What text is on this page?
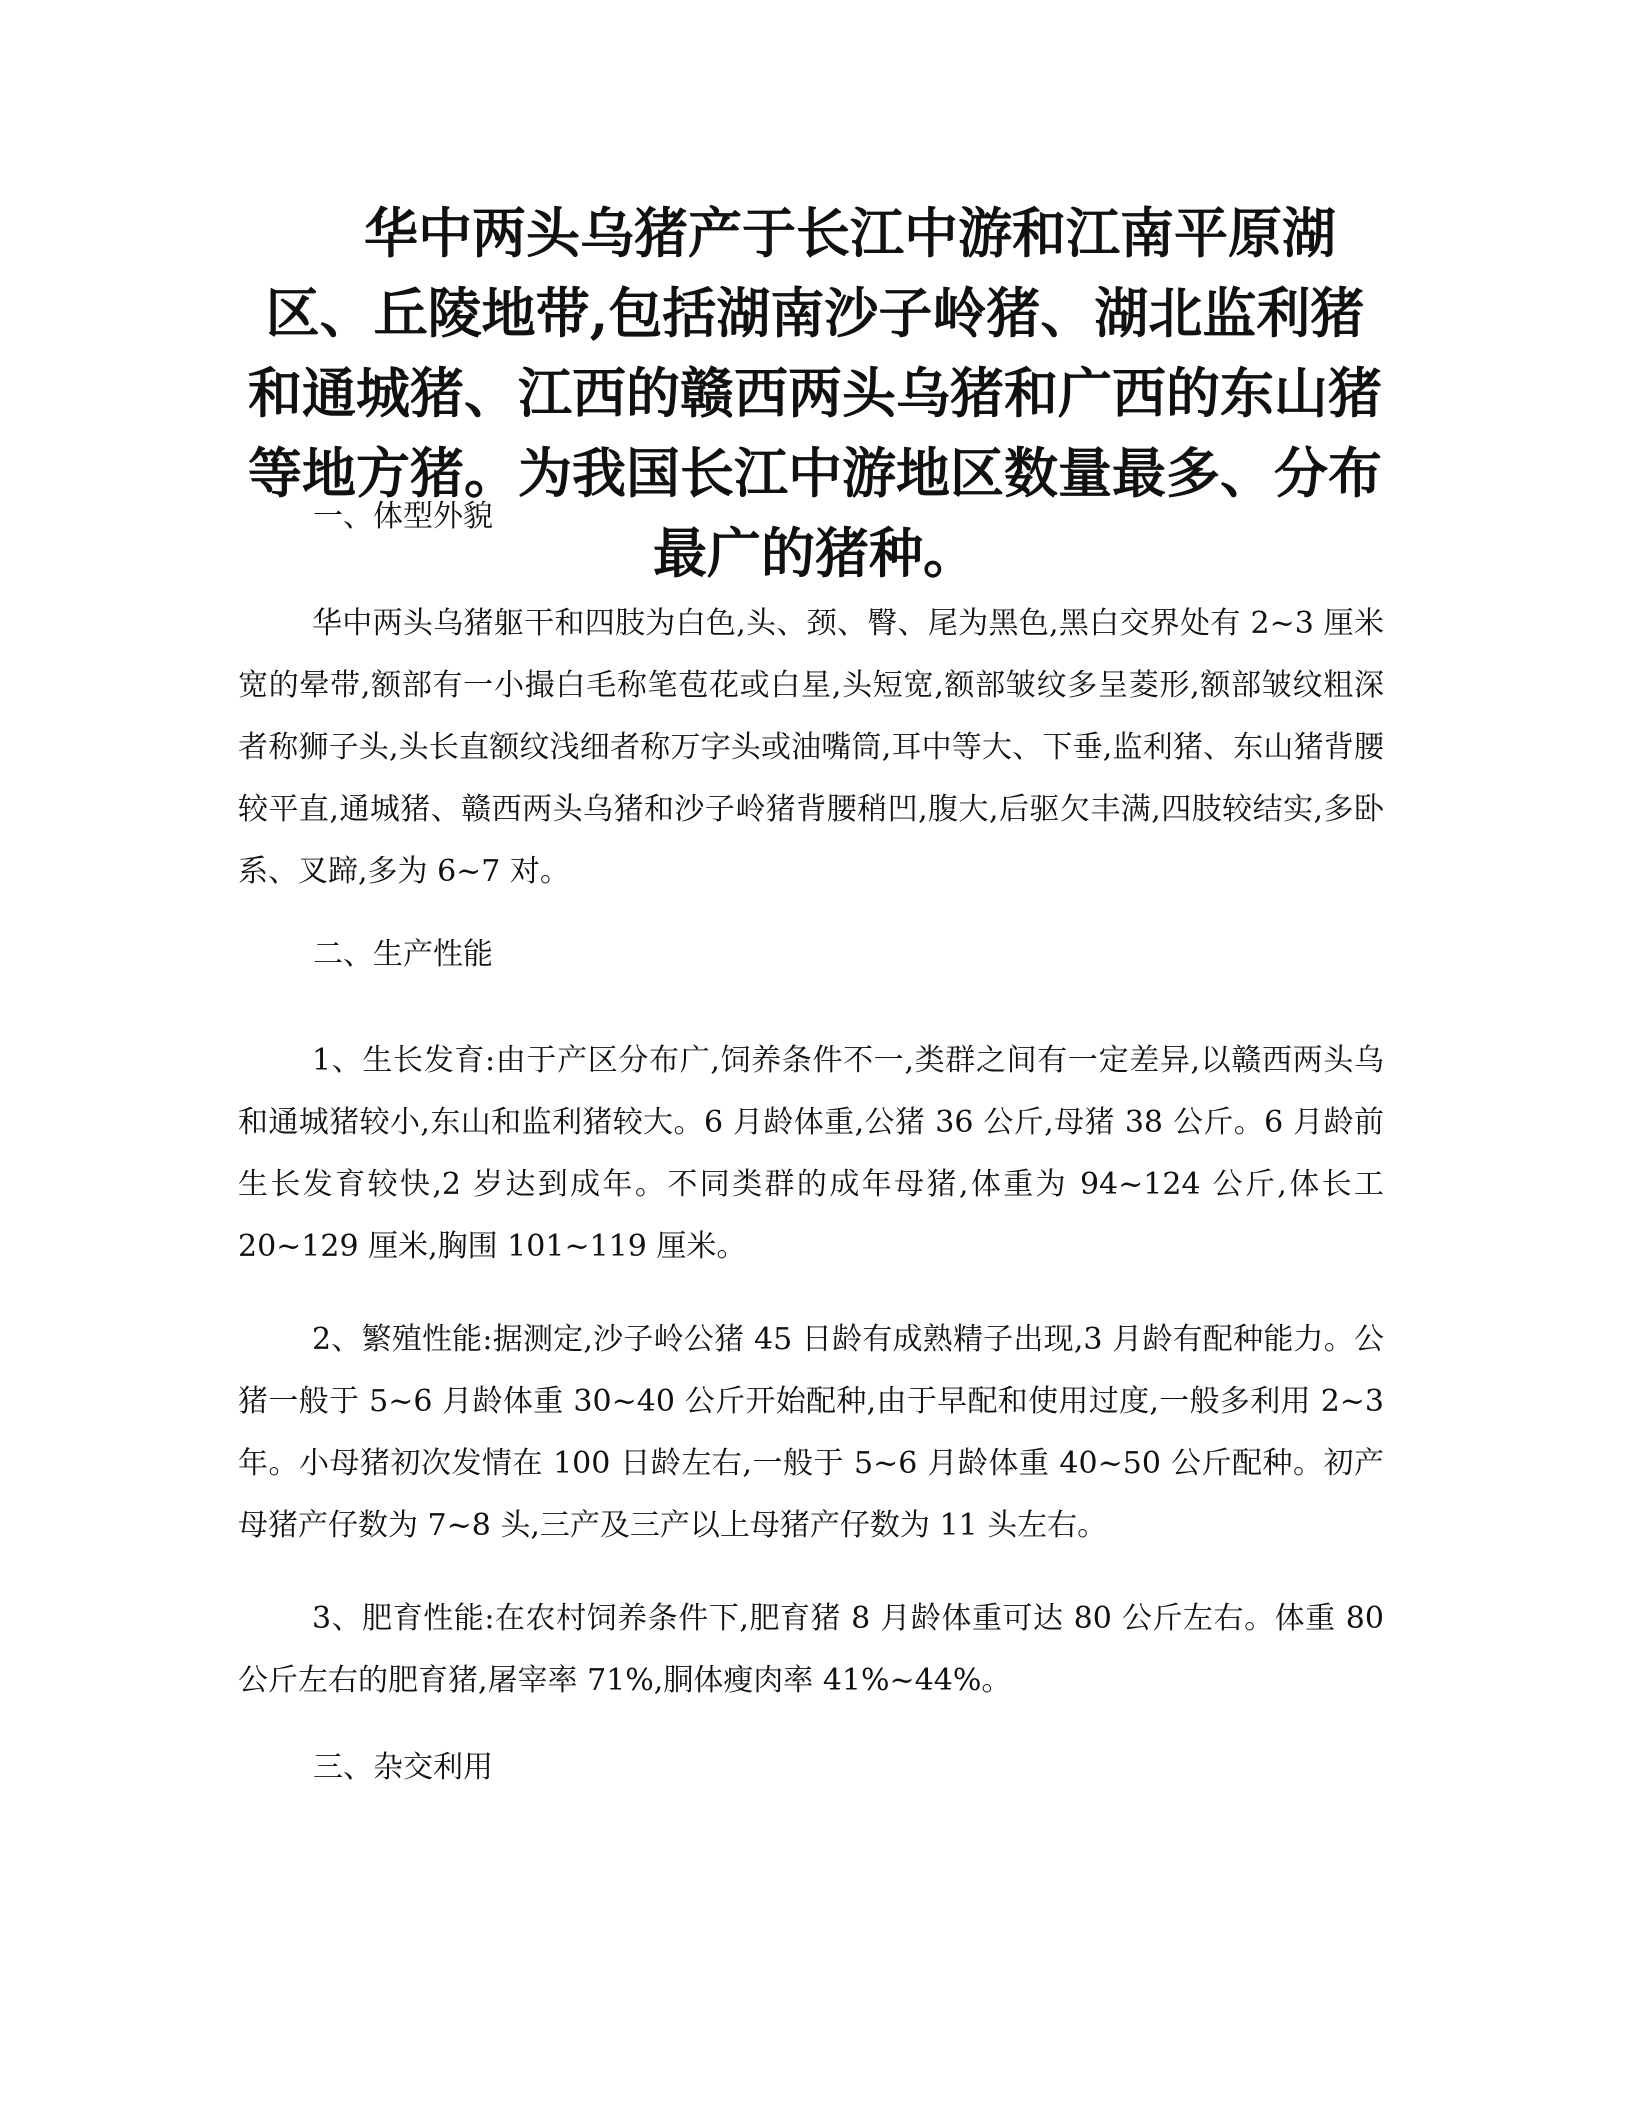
华中两头乌猪产于长江中游和江南平原湖区、丘陵地带,包括湖南沙子岭猪、湖北监利猪和通城猪、江西的赣西两头乌猪和广西的东山猪等地方猪。为我国长江中游地区数量最多、分布最广的猪种。

一、体型外貌

华中两头乌猪躯干和四肢为白色,头、颈、臀、尾为黑色,黑白交界处有 2~3 厘米宽的晕带,额部有一小撮白毛称笔苞花或白星,头短宽,额部皱纹多呈菱形,额部皱纹粗深者称狮子头,头长直额纹浅细者称万字头或油嘴筒,耳中等大、下垂,监利猪、东山猪背腰较平直,通城猪、赣西两头乌猪和沙子岭猪背腰稍凹,腹大,后驱欠丰满,四肢较结实,多卧系、叉蹄,多为 6~7 对。

二、生产性能

1、生长发育:由于产区分布广,饲养条件不一,类群之间有一定差异,以赣西两头乌和通城猪较小,东山和监利猪较大。6 月龄体重,公猪 36 公斤,母猪 38 公斤。6 月龄前生长发育较快,2 岁达到成年。不同类群的成年母猪,体重为 94~124 公斤,体长工 20~129 厘米,胸围 101~119 厘米。

2、繁殖性能:据测定,沙子岭公猪 45 日龄有成熟精子出现,3 月龄有配种能力。公猪一般于 5~6 月龄体重 30~40 公斤开始配种,由于早配和使用过度,一般多利用 2~3 年。小母猪初次发情在 100 日龄左右,一般于 5~6 月龄体重 40~50 公斤配种。初产母猪产仔数为 7~8 头,三产及三产以上母猪产仔数为 11 头左右。

3、肥育性能:在农村饲养条件下,肥育猪 8 月龄体重可达 80 公斤左右。体重 80 公斤左右的肥育猪,屠宰率 71%,胴体瘦肉率 41%~44%。

三、杂交利用
